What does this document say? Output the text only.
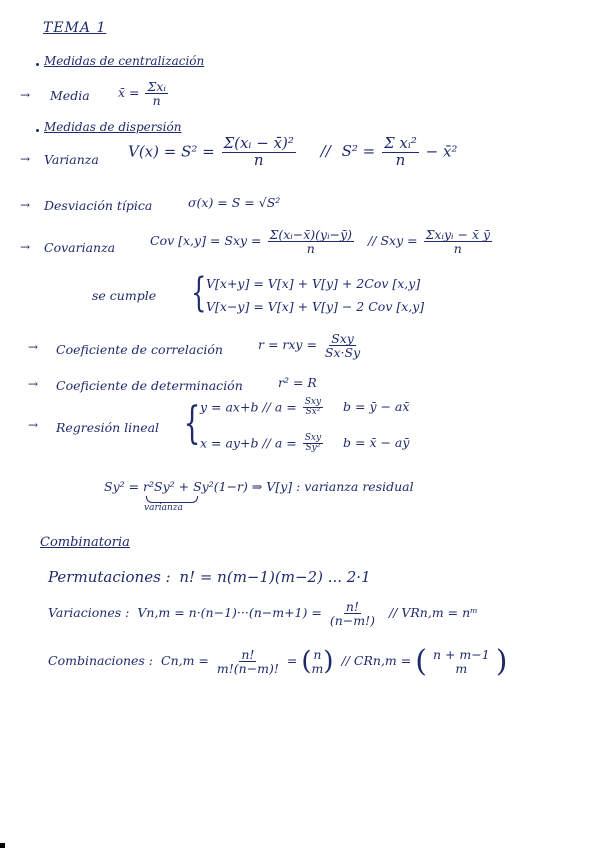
TEMA 1
Medidas de centralización
→ Media x̄ = $\frac{\text{Σxᵢ}}{n}$
Medidas de dispersión
→ Varianza $V(x) = S^2 = \frac{\text{Σ(xᵢ − x̄)²}}{n} // S^2 = \frac{\text{Σ xᵢ²}}{n}$ − x̄²
→ Desviación típica	σ(x) = S = √S²
→ Covarianza	Cov [x,y] = Sxy = $\frac{\text{Σ(xᵢ−x̄)(yᵢ−ȳ)}}{n}$ // Sxy = $\frac{\text{Σxᵢyᵢ − x̄ ȳ}}{n}$
se cumple { V[x+y] = V[x] + V[y] + 2Cov [x,y]
V[x−y] = V[x] + V[y] − 2 Cov [x,y]
→ Coeficiente de correlación	r = rxy = $\frac{\text{Sxy}}{Sx\cdot Sy}$
→ Coeficiente de determinación	r² = R
→ Regresión lineal { $y = ax+b // a = \frac{\text{Sxy}}{\text{Sx²}}$ b = ȳ − ax̄
$x = ay+b // a = \frac{\text{Sxy}}{\text{Sy²}}$ b = x̄ − aȳ
Sy² = r²Sy² + Sy²(1−r) ⇒ V[y] : varianza residual
varianza
Combinatoria
Permutaciones : n! = n(m−1)(m−2) ... 2·1
Variaciones : $Vn,m = n\cdot(n-1)\cdot\cdot\cdot(n-m+1) = \frac{n!}{(n-m!)} // VRn,m$ = nᵐ
Combinaciones : $Cn,m = \frac{n!}{m!(n-m)!}$ = ( n
m ) // CRn,m = ( n + m−1
m )
